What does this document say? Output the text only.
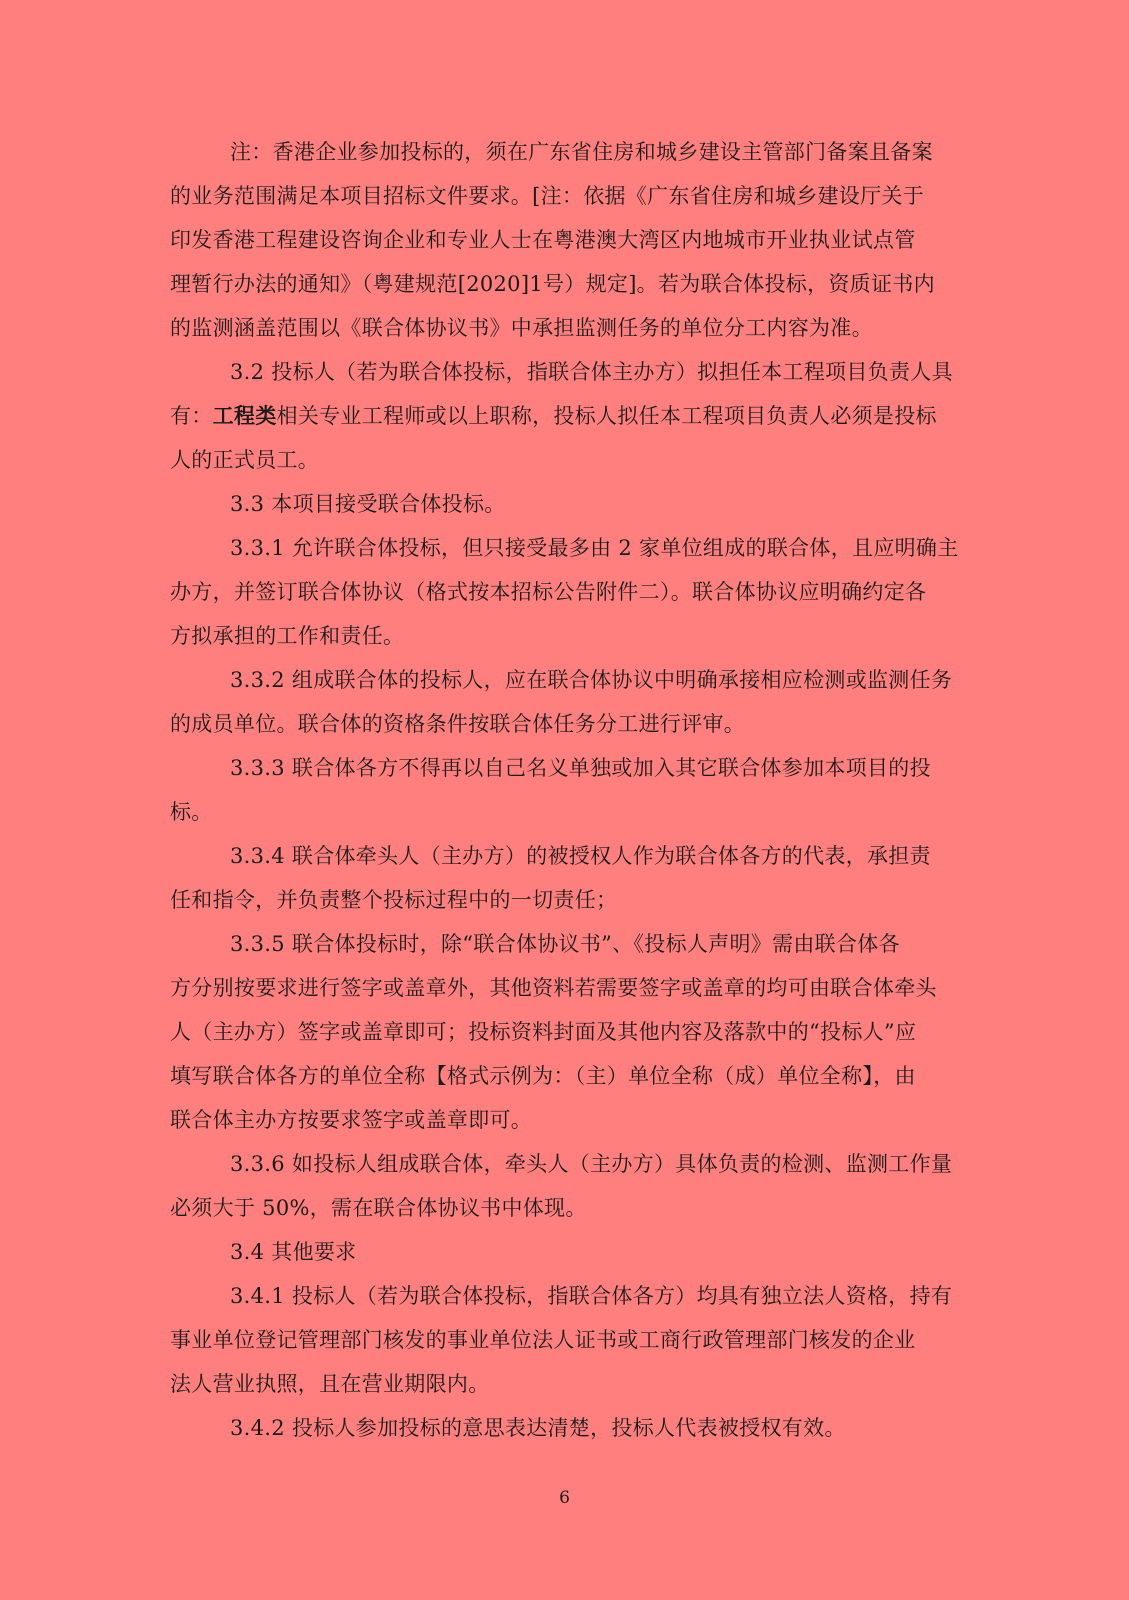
注：香港企业参加投标的，须在广东省住房和城乡建设主管部门备案且备案
的业务范围满足本项目招标文件要求。[注：依据《广东省住房和城乡建设厅关于
印发香港工程建设咨询企业和专业人士在粤港澳大湾区内地城市开业执业试点管
理暂行办法的通知》（粤建规范[2020]1号）规定]。若为联合体投标，资质证书内
的监测涵盖范围以《联合体协议书》中承担监测任务的单位分工内容为准。
3.2 投标人（若为联合体投标，指联合体主办方）拟担任本工程项目负责人具
有：工程类相关专业工程师或以上职称，投标人拟任本工程项目负责人必须是投标
人的正式员工。
3.3 本项目接受联合体投标。
3.3.1 允许联合体投标，但只接受最多由 2 家单位组成的联合体，且应明确主
办方，并签订联合体协议（格式按本招标公告附件二）。联合体协议应明确约定各
方拟承担的工作和责任。
3.3.2 组成联合体的投标人，应在联合体协议中明确承接相应检测或监测任务
的成员单位。联合体的资格条件按联合体任务分工进行评审。
3.3.3 联合体各方不得再以自己名义单独或加入其它联合体参加本项目的投
标。
3.3.4 联合体牵头人（主办方）的被授权人作为联合体各方的代表，承担责
任和指令，并负责整个投标过程中的一切责任；
3.3.5 联合体投标时，除“联合体协议书”、《投标人声明》需由联合体各
方分别按要求进行签字或盖章外，其他资料若需要签字或盖章的均可由联合体牵头
人（主办方）签字或盖章即可；投标资料封面及其他内容及落款中的“投标人”应
填写联合体各方的单位全称【格式示例为：（主）单位全称（成）单位全称】，由
联合体主办方按要求签字或盖章即可。
3.3.6 如投标人组成联合体，牵头人（主办方）具体负责的检测、监测工作量
必须大于 50%，需在联合体协议书中体现。
3.4 其他要求
3.4.1 投标人（若为联合体投标，指联合体各方）均具有独立法人资格，持有
事业单位登记管理部门核发的事业单位法人证书或工商行政管理部门核发的企业
法人营业执照，且在营业期限内。
3.4.2 投标人参加投标的意思表达清楚，投标人代表被授权有效。
6
